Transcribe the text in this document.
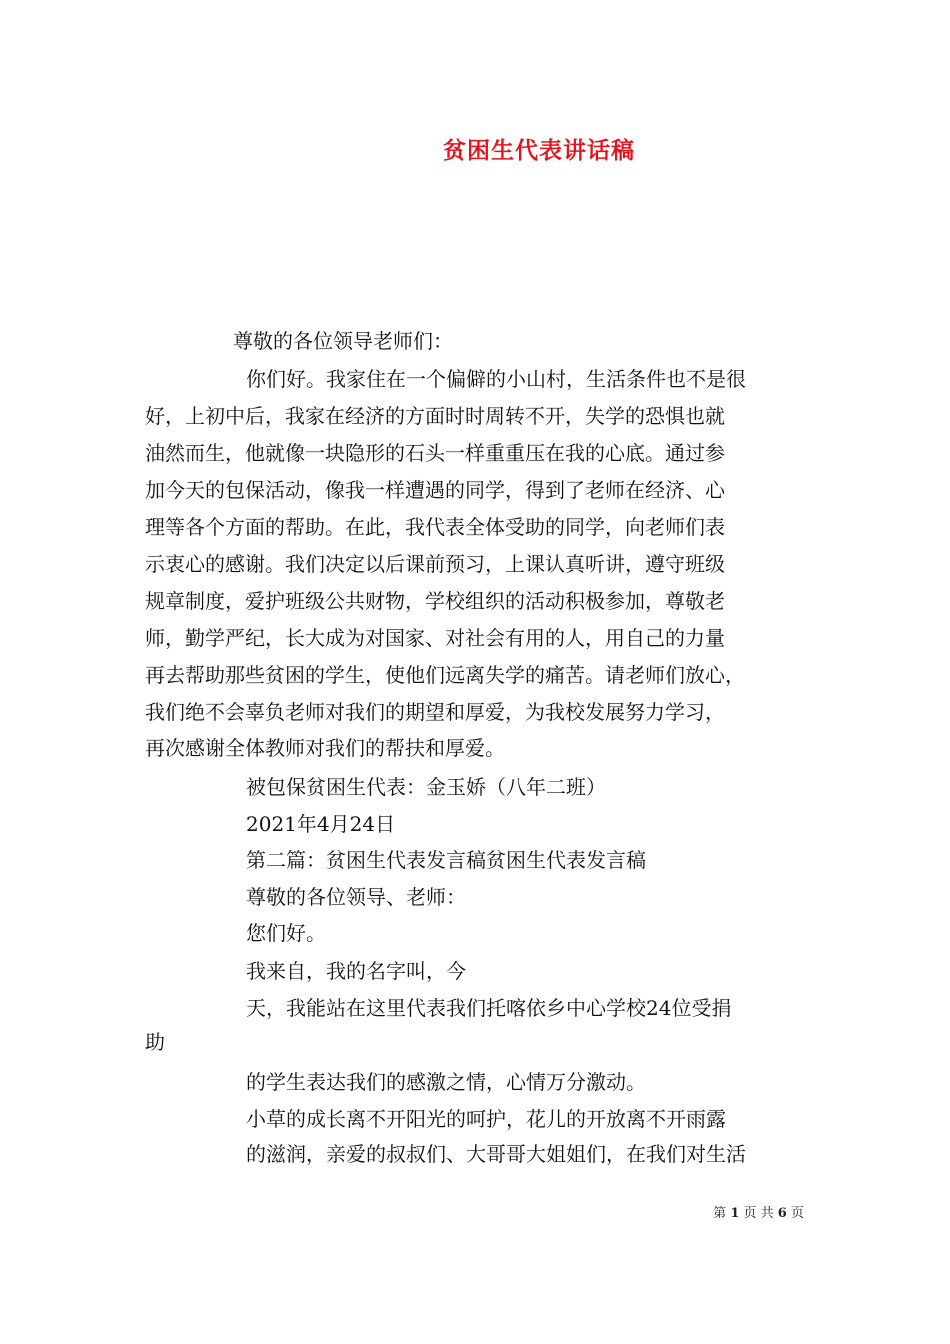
贫困生代表讲话稿
尊敬的各位领导老师们：
你们好。我家住在一个偏僻的小山村，生活条件也不是很
好，上初中后，我家在经济的方面时时周转不开，失学的恐惧也就
油然而生，他就像一块隐形的石头一样重重压在我的心底。通过参
加今天的包保活动，像我一样遭遇的同学，得到了老师在经济、心
理等各个方面的帮助。在此，我代表全体受助的同学，向老师们表
示衷心的感谢。我们决定以后课前预习，上课认真听讲，遵守班级
规章制度，爱护班级公共财物，学校组织的活动积极参加，尊敬老
师，勤学严纪，长大成为对国家、对社会有用的人，用自己的力量
再去帮助那些贫困的学生，使他们远离失学的痛苦。请老师们放心，
我们绝不会辜负老师对我们的期望和厚爱，为我校发展努力学习，
再次感谢全体教师对我们的帮扶和厚爱。
被包保贫困生代表：金玉娇（八年二班）
2021年4月24日
第二篇：贫困生代表发言稿贫困生代表发言稿
尊敬的各位领导、老师：
您们好。
我来自，我的名字叫，今
天，我能站在这里代表我们托喀依乡中心学校24位受捐
助
的学生表达我们的感激之情，心情万分激动。
小草的成长离不开阳光的呵护，花儿的开放离不开雨露
的滋润，亲爱的叔叔们、大哥哥大姐姐们，在我们对生活
第 1 页 共 6 页
